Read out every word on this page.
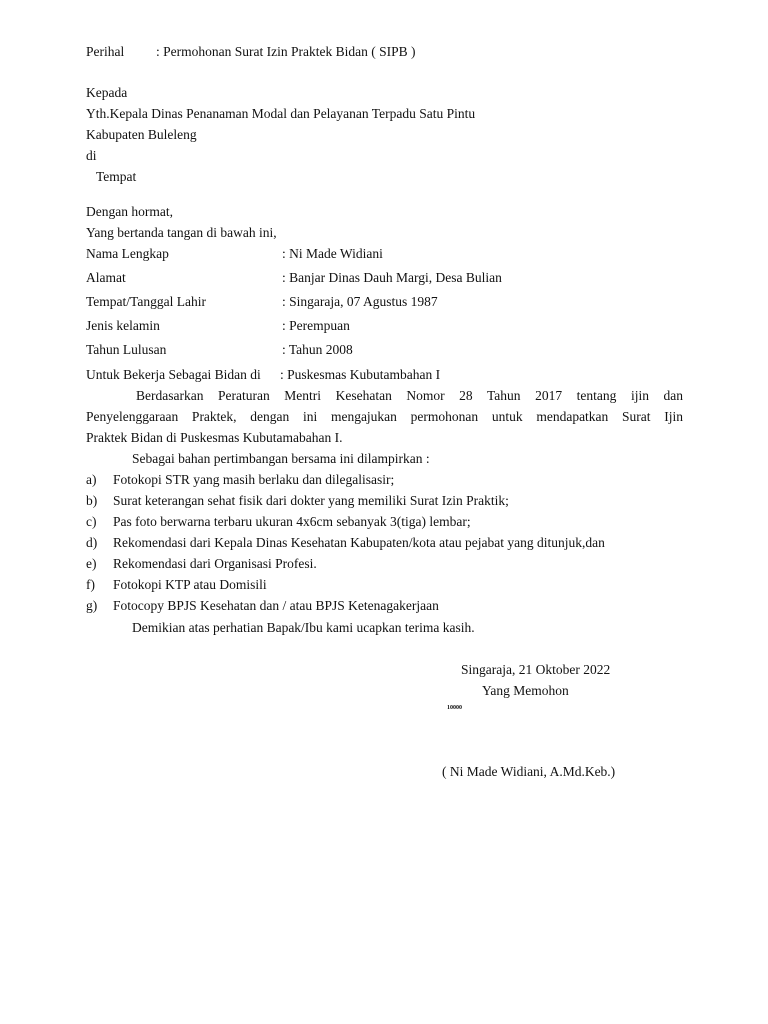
Perihal : Permohonan Surat Izin Praktek Bidan ( SIPB )
Kepada
Yth.Kepala Dinas Penanaman Modal dan Pelayanan Terpadu Satu Pintu
Kabupaten Buleleng
di
Tempat
Dengan hormat,
Yang bertanda tangan di bawah ini,
Nama Lengkap	: Ni Made Widiani
Alamat	: Banjar Dinas Dauh Margi, Desa Bulian
Tempat/Tanggal Lahir	: Singaraja, 07 Agustus 1987
Jenis kelamin	: Perempuan
Tahun Lulusan	: Tahun 2008
Untuk Bekerja Sebagai Bidan di : Puskesmas Kubutambahan I
Berdasarkan Peraturan Mentri Kesehatan Nomor 28 Tahun 2017 tentang ijin dan
Penyelenggaraan Praktek, dengan ini mengajukan permohonan untuk mendapatkan Surat Ijin
Praktek Bidan di Puskesmas Kubutamabahan I.
Sebagai bahan pertimbangan bersama ini dilampirkan :
a) Fotokopi STR yang masih berlaku dan dilegalisasir;
b) Surat keterangan sehat fisik dari dokter yang memiliki Surat Izin Praktik;
c) Pas foto berwarna terbaru ukuran 4x6cm sebanyak 3(tiga) lembar;
d) Rekomendasi dari Kepala Dinas Kesehatan Kabupaten/kota atau pejabat yang ditunjuk,dan
e) Rekomendasi dari Organisasi Profesi.
f) Fotokopi KTP atau Domisili
g) Fotocopy BPJS Kesehatan dan / atau BPJS Ketenagakerjaan
Demikian atas perhatian Bapak/Ibu kami ucapkan terima kasih.
Singaraja, 21 Oktober 2022
Yang Memohon
10000
( Ni Made Widiani, A.Md.Keb.)
